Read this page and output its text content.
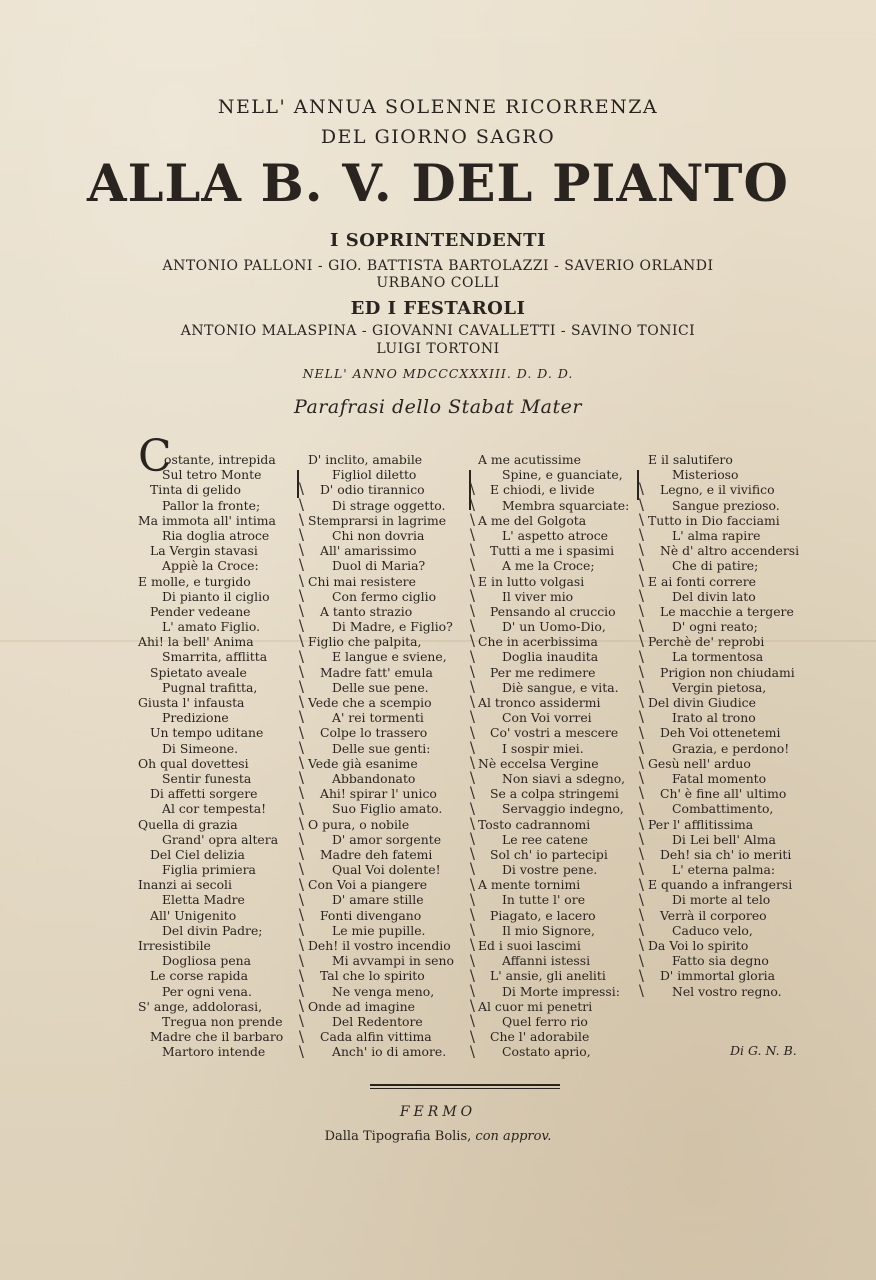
NELL' ANNUA SOLENNE RICORRENZA
DEL GIORNO SAGRO
ALLA B. V. DEL PIANTO
I SOPRINTENDENTI
ANTONIO PALLONI - GIO. BATTISTA BARTOLAZZI - SAVERIO ORLANDI
URBANO COLLI
ED I FESTAROLI
ANTONIO MALASPINA - GIOVANNI CAVALLETTI - SAVINO TONICI
LUIGI TORTONI
NELL' ANNO MDCCCXXXIII. D. D. D.
Parafrasi dello Stabat Mater
C
ostante, intrepida
Sul tetro Monte
Tinta di gelido
Pallor la fronte;
Ma immota all' intima
Ria doglia atroce
La Vergin stavasi
Appiè la Croce:
E molle, e turgido
Di pianto il ciglio
Pender vedeane
L' amato Figlio.
Ahi! la bell' Anima
Smarrita, afflitta
Spietato aveale
Pugnal trafitta,
Giusta l' infausta
Predizione
Un tempo uditane
Di Simeone.
Oh qual dovettesi
Sentir funesta
Di affetti sorgere
Al cor tempesta!
Quella di grazia
Grand' opra altera
Del Ciel delizia
Figlia primiera
Inanzi ai secoli
Eletta Madre
All' Unigenito
Del divin Padre;
Irresistibile
Dogliosa pena
Le corse rapida
Per ogni vena.
S' ange, addolorasi,
Tregua non prende
Madre che il barbaro
Martoro intende
D' inclito, amabile
Figliol diletto
D' odio tirannico
Di strage oggetto.
Stemprarsi in lagrime
Chi non dovria
All' amarissimo
Duol di Maria?
Chi mai resistere
Con fermo ciglio
A tanto strazio
Di Madre, e Figlio?
Figlio che palpita,
E langue e sviene,
Madre fatt' emula
Delle sue pene.
Vede che a scempio
A' rei tormenti
Colpe lo trassero
Delle sue genti:
Vede già esanime
Abbandonato
Ahi! spirar l' unico
Suo Figlio amato.
O pura, o nobile
D' amor sorgente
Madre deh fatemi
Qual Voi dolente!
Con Voi a piangere
D' amare stille
Fonti divengano
Le mie pupille.
Deh! il vostro incendio
Mi avvampi in seno
Tal che lo spirito
Ne venga meno,
Onde ad imagine
Del Redentore
Cada alfin vittima
Anch' io di amore.
A me acutissime
Spine, e guanciate,
E chiodi, e livide
Membra squarciate:
A me del Golgota
L' aspetto atroce
Tutti a me i spasimi
A me la Croce;
E in lutto volgasi
Il viver mio
Pensando al cruccio
D' un Uomo-Dio,
Che in acerbissima
Doglia inaudita
Per me redimere
Diè sangue, e vita.
Al tronco assidermi
Con Voi vorrei
Co' vostri a mescere
I sospir miei.
Nè eccelsa Vergine
Non siavi a sdegno,
Se a colpa stringemi
Servaggio indegno,
Tosto cadrannomi
Le ree catene
Sol ch' io partecipi
Di vostre pene.
A mente tornimi
In tutte l' ore
Piagato, e lacero
Il mio Signore,
Ed i suoi lascimi
Affanni istessi
L' ansie, gli aneliti
Di Morte impressi:
Al cuor mi penetri
Quel ferro rio
Che l' adorabile
Costato aprio,
E il salutifero
Misterioso
Legno, e il vivifico
Sangue prezioso.
Tutto in Dio facciami
L' alma rapire
Nè d' altro accendersi
Che di patire;
E ai fonti correre
Del divin lato
Le macchie a tergere
D' ogni reato;
Perchè de' reprobi
La tormentosa
Prigion non chiudami
Vergin pietosa,
Del divin Giudice
Irato al trono
Deh Voi ottenetemi
Grazia, e perdono!
Gesù nell' arduo
Fatal momento
Ch' è fine all' ultimo
Combattimento,
Per l' afflitissima
Di Lei bell' Alma
Deh! sia ch' io meriti
L' eterna palma:
E quando a infrangersi
Di morte al telo
Verrà il corporeo
Caduco velo,
Da Voi lo spirito
Fatto sia degno
D' immortal gloria
Nel vostro regno.
Di G. N. B.
FERMO
Dalla Tipografia Bolis, con approv.
∖
∖
∖
∖
∖
∖
∖
∖
∖
∖
∖
∖
∖
∖
∖
∖
∖
∖
∖
∖
∖
∖
∖
∖
∖
∖
∖
∖
∖
∖
∖
∖
∖
∖
∖
∖
∖
∖
∖
∖
∖
∖
∖
∖
∖
∖
∖
∖
∖
∖
∖
∖
∖
∖
∖
∖
∖
∖
∖
∖
∖
∖
∖
∖
∖
∖
∖
∖
∖
∖
∖
∖
∖
∖
∖
∖
∖
∖
∖
∖
∖
∖
∖
∖
∖
∖
∖
∖
∖
∖
∖
∖
∖
∖
∖
∖
∖
∖
∖
∖
∖
∖
∖
∖
∖
∖
∖
∖
∖
∖
